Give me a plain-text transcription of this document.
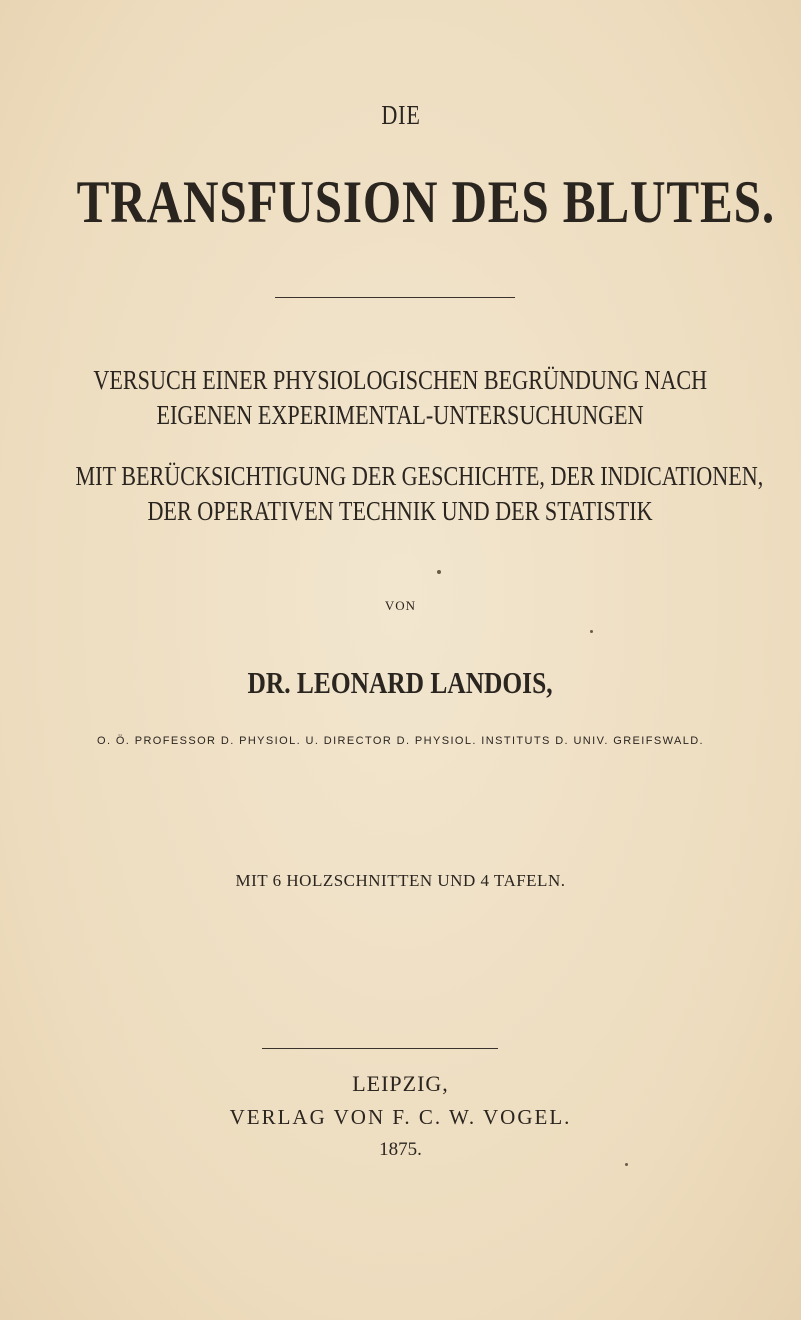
DIE
TRANSFUSION DES BLUTES.
VERSUCH EINER PHYSIOLOGISCHEN BEGRÜNDUNG NACH
EIGENEN EXPERIMENTAL-UNTERSUCHUNGEN
MIT BERÜCKSICHTIGUNG DER GESCHICHTE, DER INDICATIONEN,
DER OPERATIVEN TECHNIK UND DER STATISTIK
VON
DR. LEONARD LANDOIS,
O. Ö. PROFESSOR D. PHYSIOL. U. DIRECTOR D. PHYSIOL. INSTITUTS D. UNIV. GREIFSWALD.
MIT 6 HOLZSCHNITTEN UND 4 TAFELN.
LEIPZIG,
VERLAG VON F. C. W. VOGEL.
1875.
